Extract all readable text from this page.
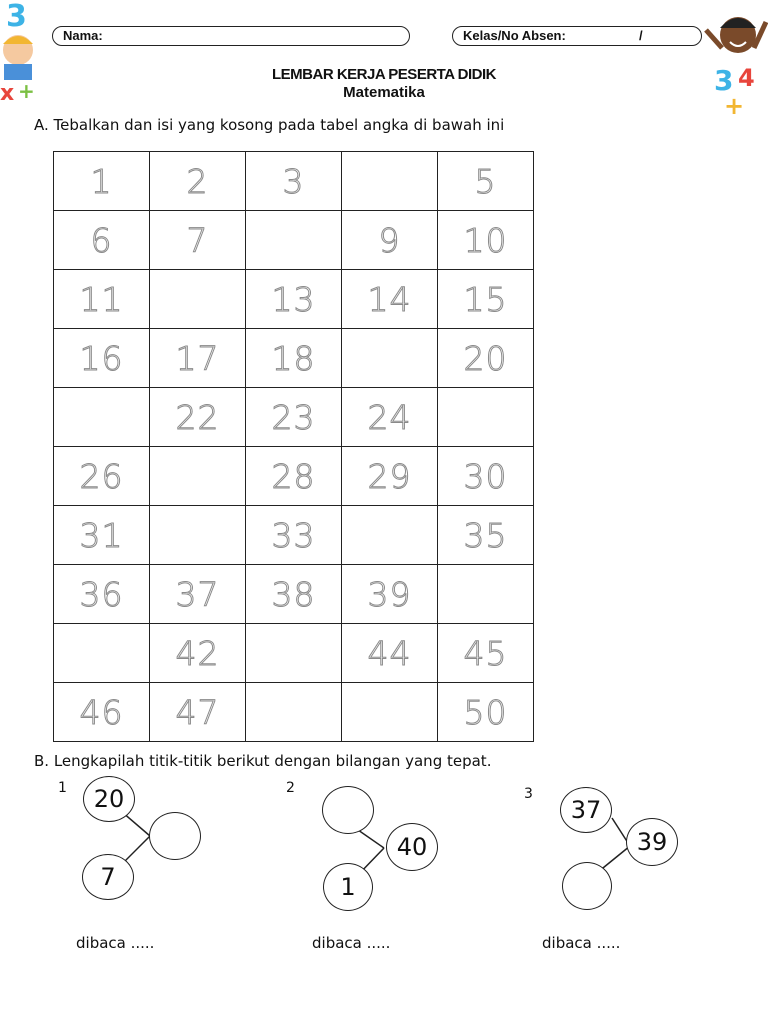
3
x +	3 4
+
Nama:	Kelas/No Absen:	/
LEMBAR KERJA PESERTA DIDIK
Matematika
A. Tebalkan dan isi yang kosong pada tabel angka di bawah ini
1	2	3		5
6	7		9	10
11		13	14	15
16	17	18		20
	22	23	24	
26		28	29	30
31		33		35
36	37	38	39	
	42		44	45
46	47			50
B. Lengkapilah titik-titik berikut dengan bilangan yang tepat.
1	20
7
dibaca .....
2
40
1
dibaca .....
3
37
39
dibaca .....
